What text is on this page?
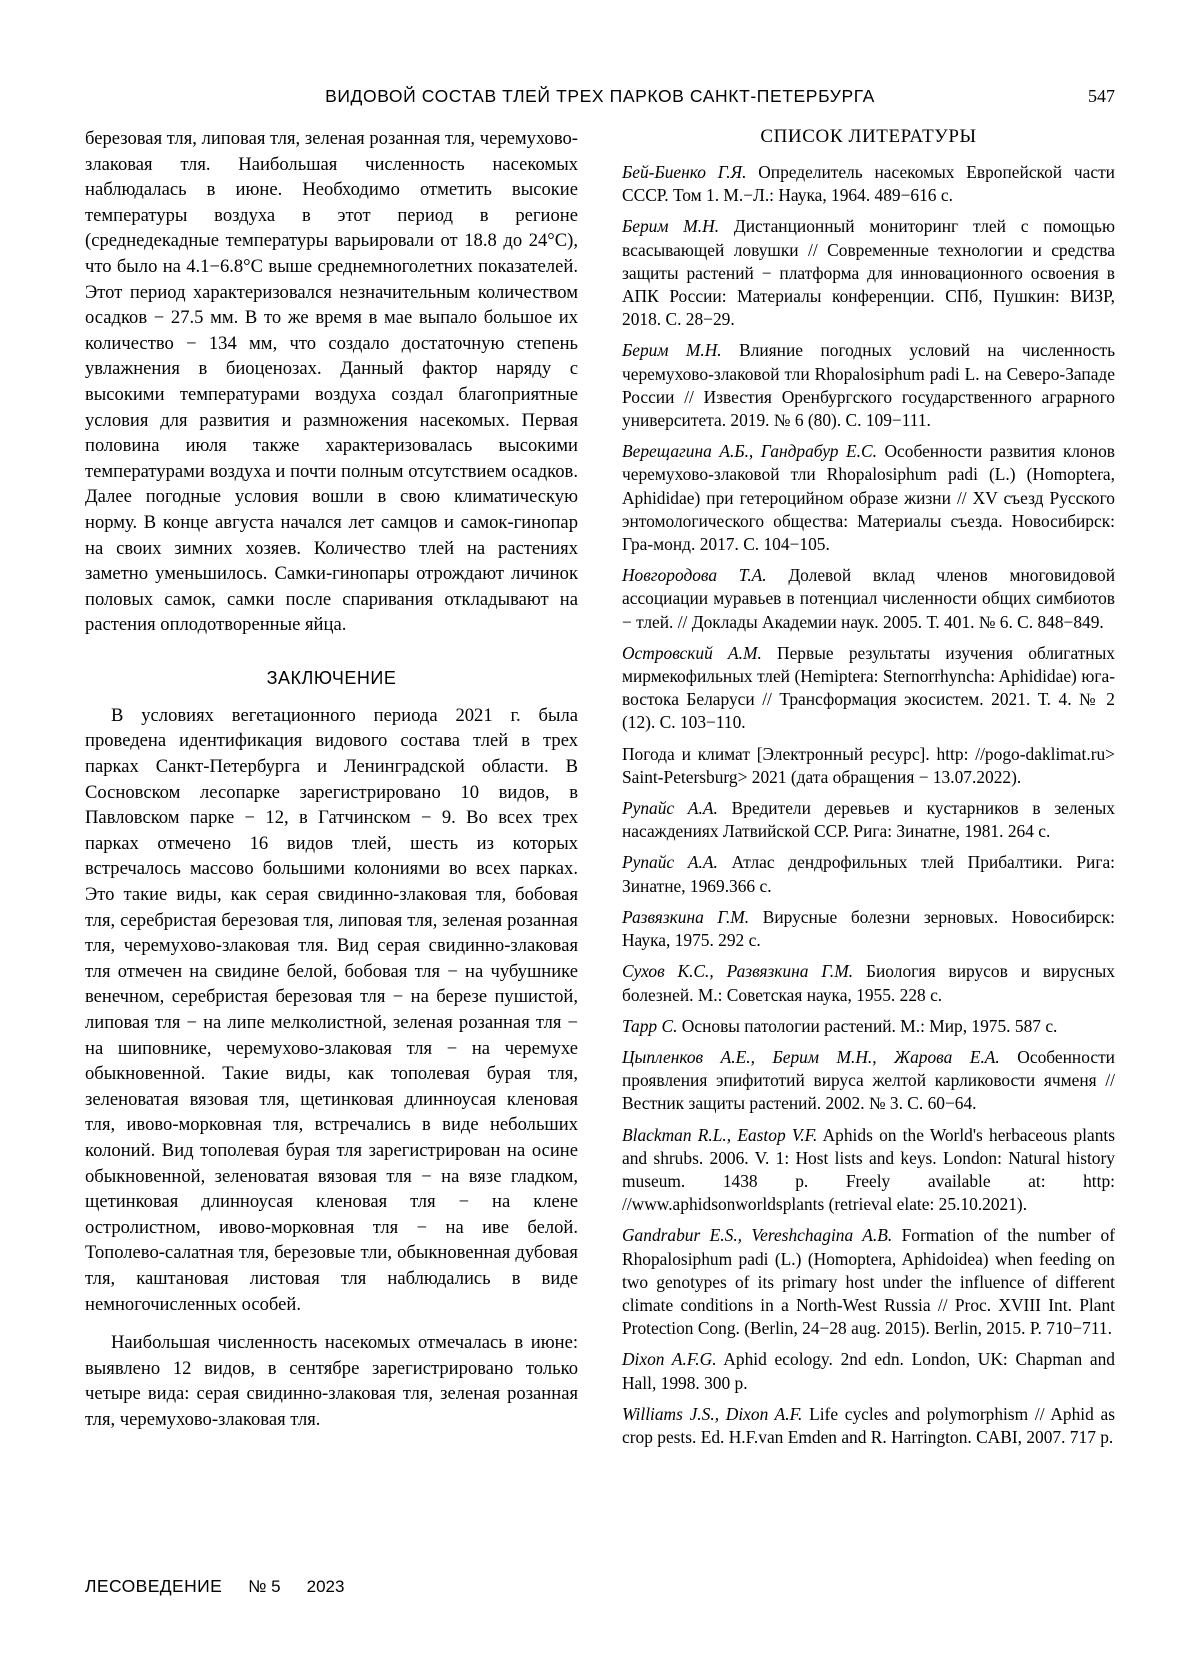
ВИДОВОЙ СОСТАВ ТЛЕЙ ТРЕХ ПАРКОВ САНКТ-ПЕТЕРБУРГА	547

березовая тля, липовая тля, зеленая розанная тля, черемухово-злаковая тля. Наибольшая численность насекомых наблюдалась в июне. Необходимо отметить высокие температуры воздуха в этот период в регионе (среднедекадные температуры варьировали от 18.8 до 24°С), что было на 4.1−6.8°С выше среднемноголетних показателей. Этот период характеризовался незначительным количеством осадков − 27.5 мм. В то же время в мае выпало большое их количество − 134 мм, что создало достаточную степень увлажнения в биоценозах. Данный фактор наряду с высокими температурами воздуха создал благоприятные условия для развития и размножения насекомых. Первая половина июля также характеризовалась высокими температурами воздуха и почти полным отсутствием осадков. Далее погодные условия вошли в свою климатическую норму. В конце августа начался лет самцов и самок-гинопар на своих зимних хозяев. Количество тлей на растениях заметно уменьшилось. Самки-гинопары отрождают личинок половых самок, самки после спаривания откладывают на растения оплодотворенные яйца.

ЗАКЛЮЧЕНИЕ

В условиях вегетационного периода 2021 г. была проведена идентификация видового состава тлей в трех парках Санкт-Петербурга и Ленинградской области. В Сосновском лесопарке зарегистрировано 10 видов, в Павловском парке − 12, в Гатчинском − 9. Во всех трех парках отмечено 16 видов тлей, шесть из которых встречалось массово большими колониями во всех парках. Это такие виды, как серая свидинно-злаковая тля, бобовая тля, серебристая березовая тля, липовая тля, зеленая розанная тля, черемухово-злаковая тля. Вид серая свидинно-злаковая тля отмечен на свидине белой, бобовая тля − на чубушнике венечном, серебристая березовая тля − на березе пушистой, липовая тля − на липе мелколистной, зеленая розанная тля − на шиповнике, черемухово-злаковая тля − на черемухе обыкновенной. Такие виды, как тополевая бурая тля, зеленоватая вязовая тля, щетинковая длинноусая кленовая тля, ивово-морковная тля, встречались в виде небольших колоний. Вид тополевая бурая тля зарегистрирован на осине обыкновенной, зеленоватая вязовая тля − на вязе гладком, щетинковая длинноусая кленовая тля − на клене остролистном, ивово-морковная тля − на иве белой. Тополево-салатная тля, березовые тли, обыкновенная дубовая тля, каштановая листовая тля наблюдались в виде немногочисленных особей.

Наибольшая численность насекомых отмечалась в июне: выявлено 12 видов, в сентябре зарегистрировано только четыре вида: серая свидинно-злаковая тля, зеленая розанная тля, черемухово-злаковая тля.

СПИСОК ЛИТЕРАТУРЫ

Бей-Биенко Г.Я. Определитель насекомых Европейской части СССР. Том 1. М.−Л.: Наука, 1964. 489−616 с.

Берим М.Н. Дистанционный мониторинг тлей с помощью всасывающей ловушки // Современные технологии и средства защиты растений − платформа для инновационного освоения в АПК России: Материалы конференции. СПб, Пушкин: ВИЗР, 2018. С. 28−29.

Берим М.Н. Влияние погодных условий на численность черемухово-злаковой тли Rhopalosiphum padi L. на Северо-Западе России // Известия Оренбургского государственного аграрного университета. 2019. № 6 (80). С. 109−111.

Верещагина А.Б., Гандрабур Е.С. Особенности развития клонов черемухово-злаковой тли Rhopalosiphum padi (L.) (Homoptera, Aphididae) при гетероцийном образе жизни // XV съезд Русского энтомологического общества: Материалы съезда. Новосибирск: Гра-монд. 2017. С. 104−105.

Новгородова Т.А. Долевой вклад членов многовидовой ассоциации муравьев в потенциал численности общих симбиотов − тлей. // Доклады Академии наук. 2005. Т. 401. № 6. С. 848−849.

Островский А.М. Первые результаты изучения облигатных мирмекофильных тлей (Hemiptera: Sternorrhyncha: Aphididae) юга-востока Беларуси // Трансформация экосистем. 2021. Т. 4. № 2 (12). С. 103−110.

Погода и климат [Электронный ресурс]. http: //pogo-daklimat.ru> Saint-Petersburg> 2021 (дата обращения − 13.07.2022).

Рупайс А.А. Вредители деревьев и кустарников в зеленых насаждениях Латвийской ССР. Рига: Зинатне, 1981. 264 с.

Рупайс А.А. Атлас дендрофильных тлей Прибалтики. Рига: Зинатне, 1969.366 с.

Развязкина Г.М. Вирусные болезни зерновых. Новосибирск: Наука, 1975. 292 с.

Сухов К.С., Развязкина Г.М. Биология вирусов и вирусных болезней. М.: Советская наука, 1955. 228 с.

Тарр С. Основы патологии растений. М.: Мир, 1975. 587 с.

Цыпленков А.Е., Берим М.Н., Жарова Е.А. Особенности проявления эпифитотий вируса желтой карликовости ячменя // Вестник защиты растений. 2002. № 3. С. 60−64.

Blackman R.L., Eastop V.F. Aphids on the World's herbaceous plants and shrubs. 2006. V. 1: Host lists and keys. London: Natural history museum. 1438 p. Freely available at: http: //www.aphidsonworldsplants (retrieval elate: 25.10.2021).

Gandrabur E.S., Vereshchagina A.B. Formation of the number of Rhopalosiphum padi (L.) (Homoptera, Aphidoidea) when feeding on two genotypes of its primary host under the influence of different climate conditions in a North-West Russia // Proc. XVIII Int. Plant Protection Cong. (Berlin, 24−28 aug. 2015). Berlin, 2015. P. 710−711.

Dixon A.F.G. Aphid ecology. 2nd edn. London, UK: Chapman and Hall, 1998. 300 p.

Williams J.S., Dixon A.F. Life cycles and polymorphism // Aphid as crop pests. Ed. H.F.van Emden and R. Harrington. CABI, 2007. 717 p.

ЛЕСОВЕДЕНИЕ № 5 2023
